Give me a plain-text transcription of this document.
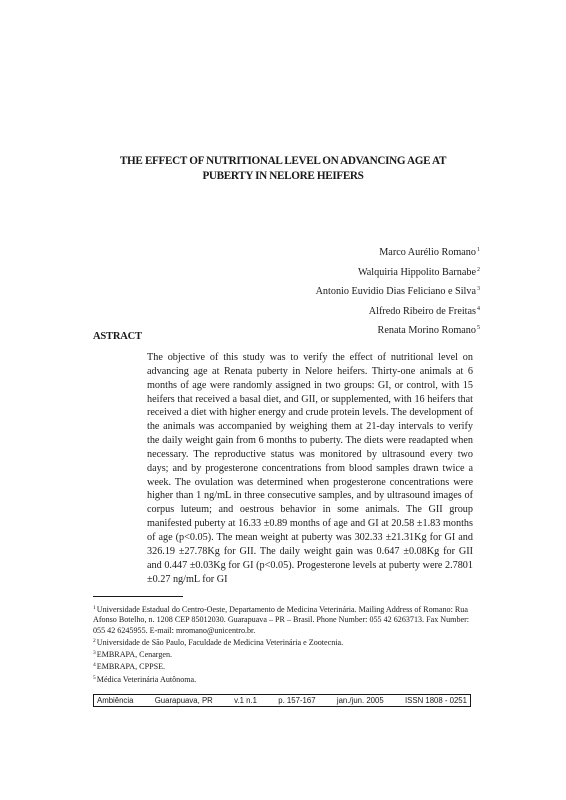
THE EFFECT OF NUTRITIONAL LEVEL ON ADVANCING AGE AT
PUBERTY IN NELORE HEIFERS
Marco Aurélio Romano$^1$
Walquiria Hippolito Barnabe$^2$
Antonio Euvidio Dias Feliciano e Silva$^3$
Alfredo Ribeiro de Freitas$^4$
Renata Morino Romano$^5$
ASTRACT

The objective of this study was to verify the effect of nutritional level on advancing age at Renata puberty in Nelore heifers. Thirty-one animals at 6 months of age were randomly assigned in two groups: GI, or control, with 15 heifers that received a basal diet, and GII, or supplemented, with 16 heifers that received a diet with higher energy and crude protein levels. The development of the animals was accompanied by weighing them at 21-day intervals to verify the daily weight gain from 6 months to puberty. The diets were readapted when necessary. The reproductive status was monitored by ultrasound every two days; and by progesterone concentrations from blood samples drawn twice a week. The ovulation was determined when progesterone concentrations were higher than 1 ng/mL in three consecutive samples, and by ultrasound images of corpus luteum; and oestrous behavior in some animals. The GII group manifested puberty at 16.33 ±0.89 months of age and GI at 20.58 ±1.83 months of age (p<0.05). The mean weight at puberty was 302.33 ±21.31Kg for GI and 326.19 ±27.78Kg for GII. The daily weight gain was 0.647 ±0.08Kg for GII and 0.447 ±0.03Kg for GI (p<0.05). Progesterone levels at puberty were 2.7801 ±0.27 ng/mL for GI

$^1$Universidade Estadual do Centro-Oeste, Departamento de Medicina Veterinária. Mailing Address of Romano: Rua Afonso Botelho, n. 1208 CEP 85012030. Guarapuava – PR – Brasil. Phone Number: 055 42 6263713. Fax Number: 055 42 6245955. E-mail: mromano@unicentro.br.
$^2$Universidade de São Paulo, Faculdade de Medicina Veterinária e Zootecnia.
$^3$EMBRAPA, Cenargen.
$^4$EMBRAPA, CPPSE.
$^5$Médica Veterinária Autônoma.
Ambiência	Guarapuava, PR	v.1 n.1	p. 157-167	jan./jun. 2005	ISSN 1808 - 0251
